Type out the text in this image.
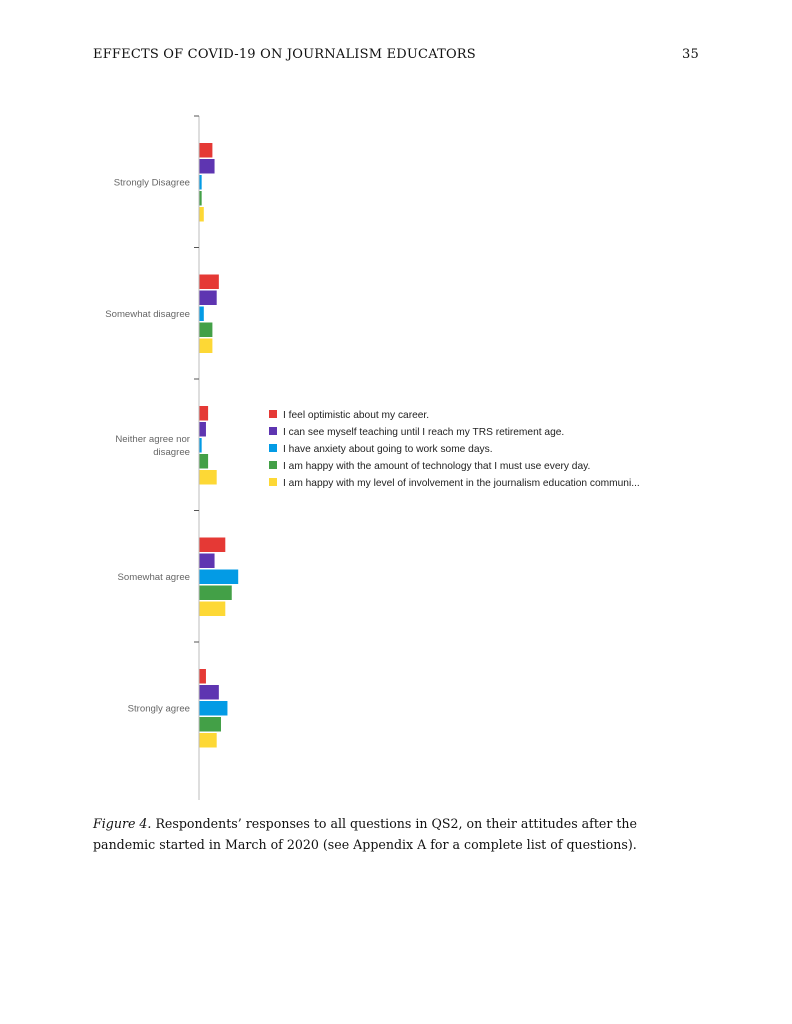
EFFECTS OF COVID-19 ON JOURNALISM EDUCATORS	35
Strongly Disagree
Somewhat disagree
Neither agree nor
disagree
Somewhat agree
Strongly agree
I feel optimistic about my career.
I can see myself teaching until I reach my TRS retirement age.
I have anxiety about going to work some days.
I am happy with the amount of technology that I must use every day.
I am happy with my level of involvement in the journalism education communi...
Figure 4. Respondents’ responses to all questions in QS2, on their attitudes after the pandemic started in March of 2020 (see Appendix A for a complete list of questions).
